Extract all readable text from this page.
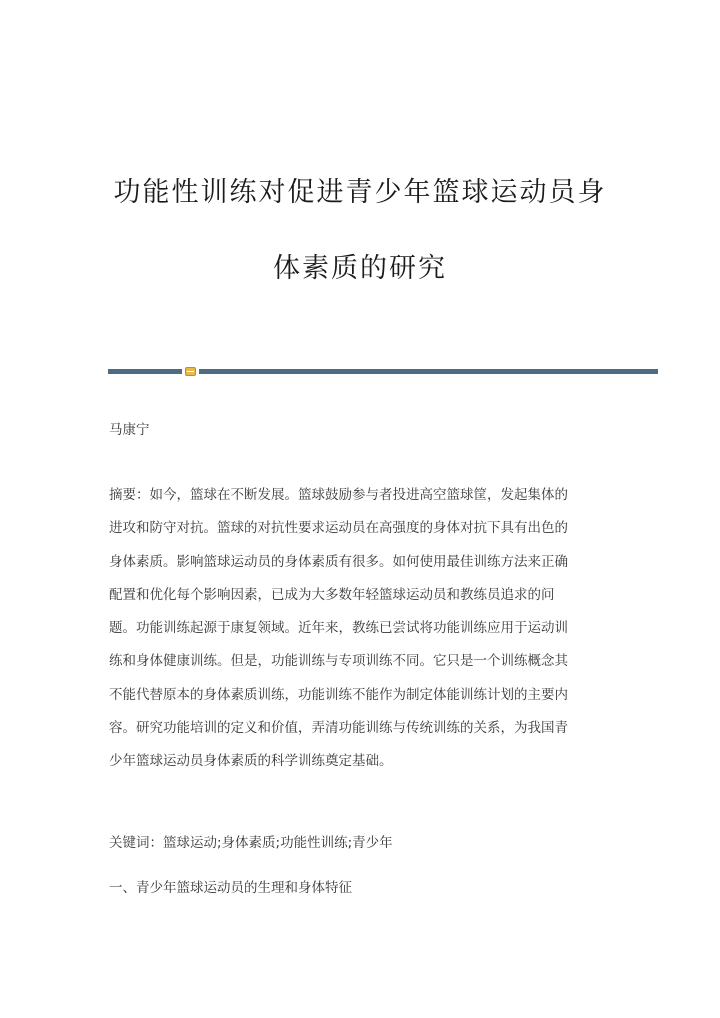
功能性训练对促进青少年篮球运动员身
体素质的研究
马康宁
摘要：如今，篮球在不断发展。篮球鼓励参与者投进高空篮球筐，发起集体的
进攻和防守对抗。篮球的对抗性要求运动员在高强度的身体对抗下具有出色的
身体素质。影响篮球运动员的身体素质有很多。如何使用最佳训练方法来正确
配置和优化每个影响因素，已成为大多数年轻篮球运动员和教练员追求的问
题。功能训练起源于康复领域。近年来，教练已尝试将功能训练应用于运动训
练和身体健康训练。但是，功能训练与专项训练不同。它只是一个训练概念其
不能代替原本的身体素质训练，功能训练不能作为制定体能训练计划的主要内
容。研究功能培训的定义和价值，弄清功能训练与传统训练的关系，为我国青
少年篮球运动员身体素质的科学训练奠定基础。
关键词：篮球运动;身体素质;功能性训练;青少年
一、青少年篮球运动员的生理和身体特征
